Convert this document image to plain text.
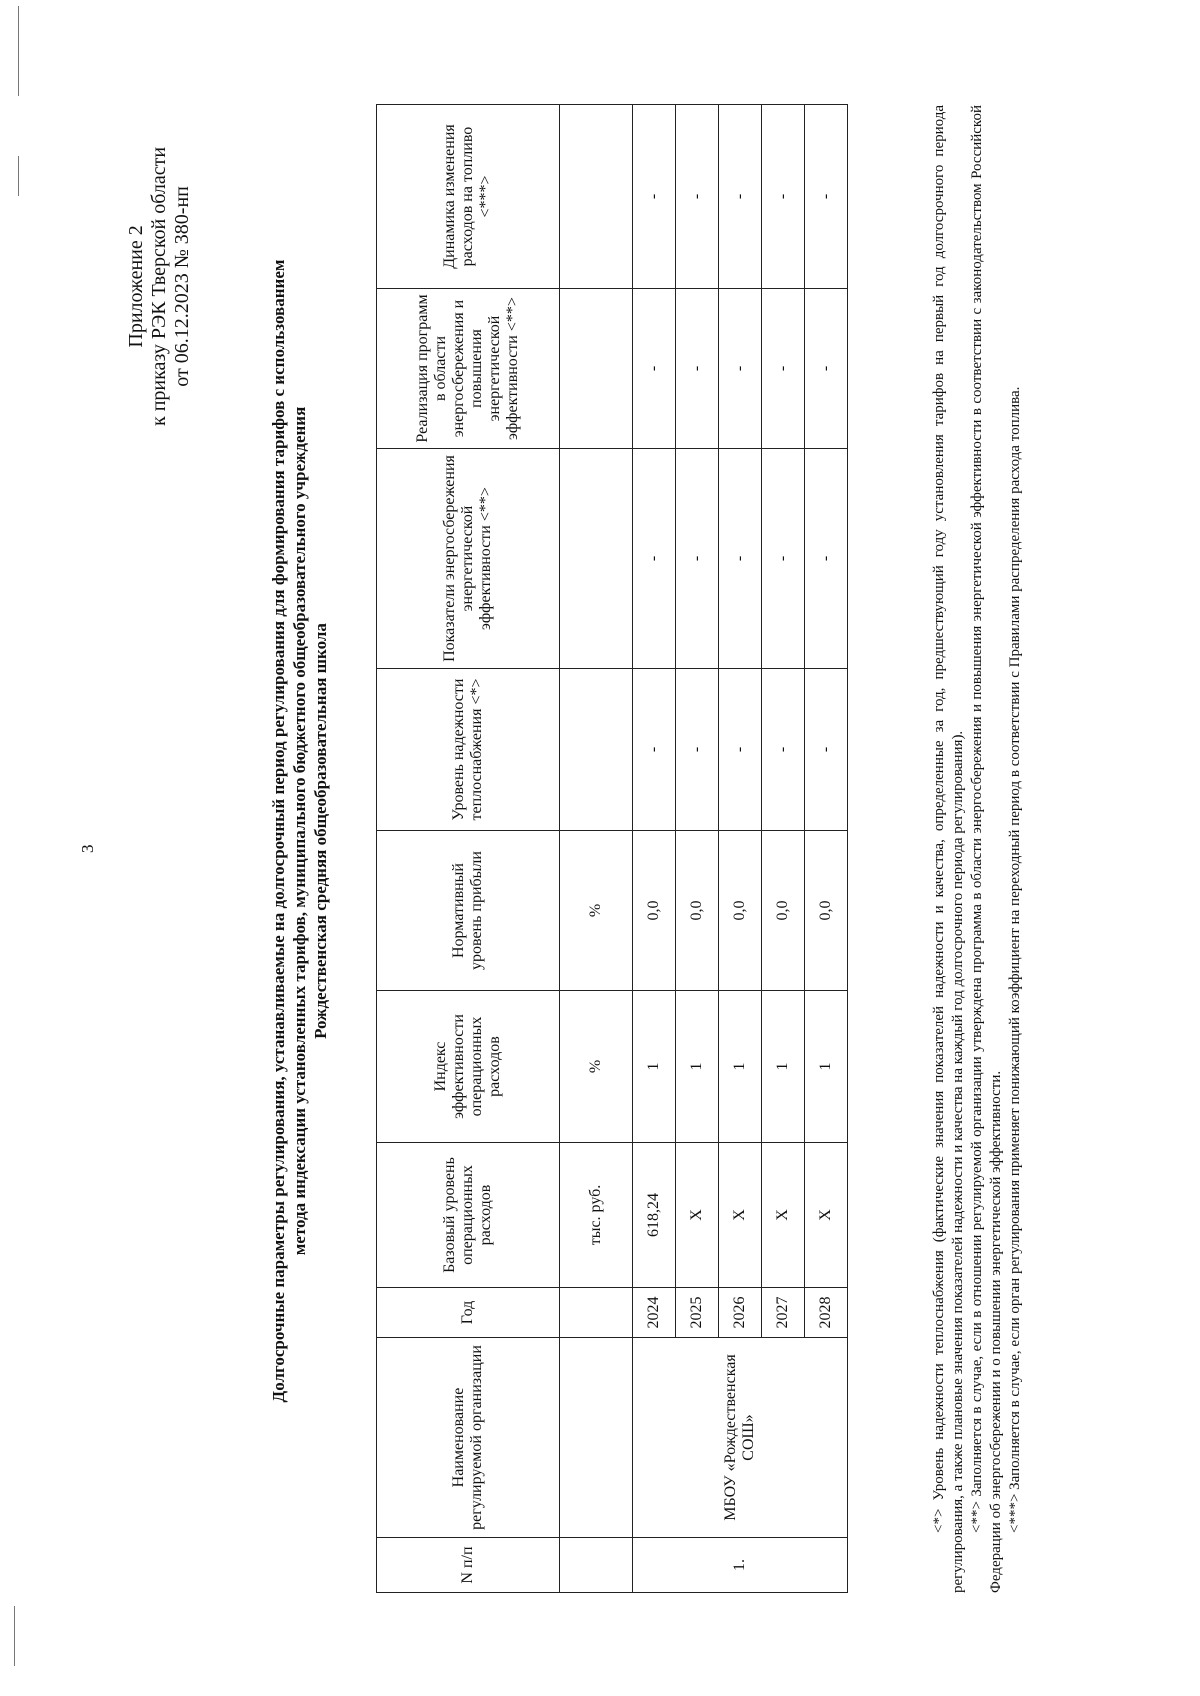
3
Приложение 2 к приказу РЭК Тверской области от 06.12.2023 № 380-нп	Долгосрочные параметры регулирования, устанавливаемые на долгосрочный период регулирования для формирования тарифов с использованием метода индексации установленных тарифов, муниципального бюджетного общеобразовательного учреждения Рождественская средняя общеобразовательная школа
N п/п	Наименование регулируемой организации	Год	Базовый уровень операционных расходов	Индекс эффективности операционных расходов	Нормативный уровень прибыли	Уровень надежности теплоснабжения <*>	Показатели энергосбережения энергетической эффективности <**>	Реализация программ в области энергосбережения и повышения энергетической эффективности <**>	Динамика изменения расходов на топливо <***>
			тыс. руб.	%	%				
1.	МБОУ «Рождественская СОШ»	2024	618,24	1	0,0	-	-	-	-
		2025	Х	1	0,0	-	-	-	-
		2026	Х	1	0,0	-	-	-	-
		2027	Х	1	0,0	-	-	-	-
		2028	Х	1	0,0	-	-	-	-	<*> Уровень надежности теплоснабжения (фактические значения показателей надежности и качества, определенные за год, предшествующий году установления тарифов на первый год долгосрочного периода регулирования, а также плановые значения показателей надежности и качества на каждый год долгосрочного периода регулирования). <**> Заполняется в случае, если в отношении регулируемой организации утверждена программа в области энергосбережения и повышения энергетической эффективности в соответствии с законодательством Российской Федерации об энергосбережении и о повышении энергетической эффективности. <***> Заполняется в случае, если орган регулирования применяет понижающий коэффициент на переходный период в соответствии с Правилами распределения расхода топлива.
